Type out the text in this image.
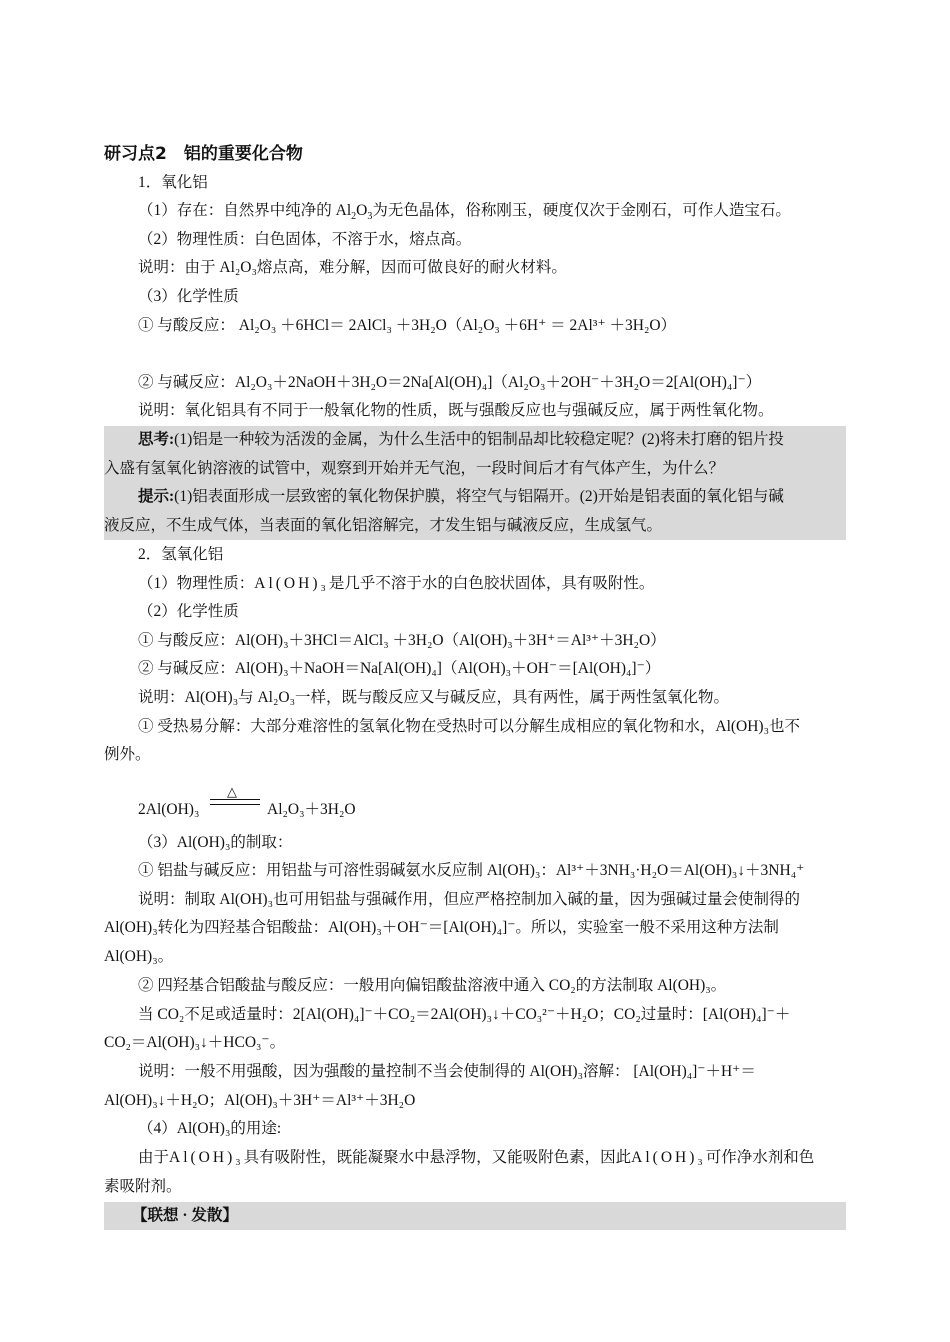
研习点2　铝的重要化合物
1．氧化铝
（1）存在：自然界中纯净的 $Al_2O_3$为无色晶体，俗称刚玉，硬度仅次于金刚石，可作人造宝石。
（2）物理性质：白色固体，不溶于水，熔点高。
说明：由于 Al₂O₃熔点高，难分解，因而可做良好的耐火材料。
（3）化学性质
① 与酸反应： Al₂O₃ ＋6HCl＝ 2AlCl₃ ＋3H₂O（Al₂O₃ ＋6H⁺ ＝ 2Al³⁺ ＋3H₂O）
② 与碱反应：Al₂O₃＋2NaOH＋3H₂O＝2Na[Al(OH)₄]（Al₂O₃＋2OH⁻＋3H₂O＝2[Al(OH)₄]⁻）
说明：氧化铝具有不同于一般氧化物的性质，既与强酸反应也与强碱反应，属于两性氧化物。
思考:(1)铝是一种较为活泼的金属，为什么生活中的铝制品却比较稳定呢？(2)将未打磨的铝片投
入盛有氢氧化钠溶液的试管中，观察到开始并无气泡，一段时间后才有气体产生，为什么？
提示:(1)铝表面形成一层致密的氧化物保护膜，将空气与铝隔开。(2)开始是铝表面的氧化铝与碱
液反应，不生成气体，当表面的氧化铝溶解完，才发生铝与碱液反应，生成氢气。
2．氢氧化铝
（1）物理性质：Al(OH)₃是几乎不溶于水的白色胶状固体，具有吸附性。
（2）化学性质
① 与酸反应：Al(OH)₃＋3HCl＝AlCl₃ ＋3H₂O（Al(OH)₃＋3H⁺＝Al³⁺＋3H₂O）
② 与碱反应：Al(OH)₃＋NaOH＝Na[Al(OH)₄]（Al(OH)₃＋OH⁻＝[Al(OH)₄]⁻）
说明：Al(OH)₃与 Al₂O₃一样，既与酸反应又与碱反应，具有两性，属于两性氢氧化物。
① 受热易分解：大部分难溶性的氢氧化物在受热时可以分解生成相应的氧化物和水，Al(OH)₃也不
例外。
2Al(OH)₃
△
Al₂O₃＋3H₂O
（3）Al(OH)₃的制取：
① 铝盐与碱反应：用铝盐与可溶性弱碱氨水反应制 Al(OH)₃：Al³⁺＋3NH₃·H₂O＝Al(OH)₃↓＋3NH₄⁺
说明：制取 Al(OH)₃也可用铝盐与强碱作用，但应严格控制加入碱的量，因为强碱过量会使制得的
Al(OH)₃转化为四羟基合铝酸盐：Al(OH)₃＋OH⁻＝[Al(OH)₄]⁻。所以，实验室一般不采用这种方法制
Al(OH)₃。
② 四羟基合铝酸盐与酸反应：一般用向偏铝酸盐溶液中通入 CO₂的方法制取 Al(OH)₃。
当 CO₂不足或适量时：2[Al(OH)₄]⁻＋CO₂＝2Al(OH)₃↓＋CO₃²⁻＋H₂O；CO₂过量时：[Al(OH)₄]⁻＋
CO₂＝Al(OH)₃↓＋HCO₃⁻。
说明：一般不用强酸，因为强酸的量控制不当会使制得的 Al(OH)₃溶解： [Al(OH)₄]⁻＋H⁺＝
Al(OH)₃↓＋H₂O；Al(OH)₃＋3H⁺＝Al³⁺＋3H₂O
（4）Al(OH)₃的用途:
由于Al(OH)₃具有吸附性，既能凝聚水中悬浮物，又能吸附色素，因此Al(OH)₃可作净水剂和色
素吸附剂。
【联想 · 发散】
